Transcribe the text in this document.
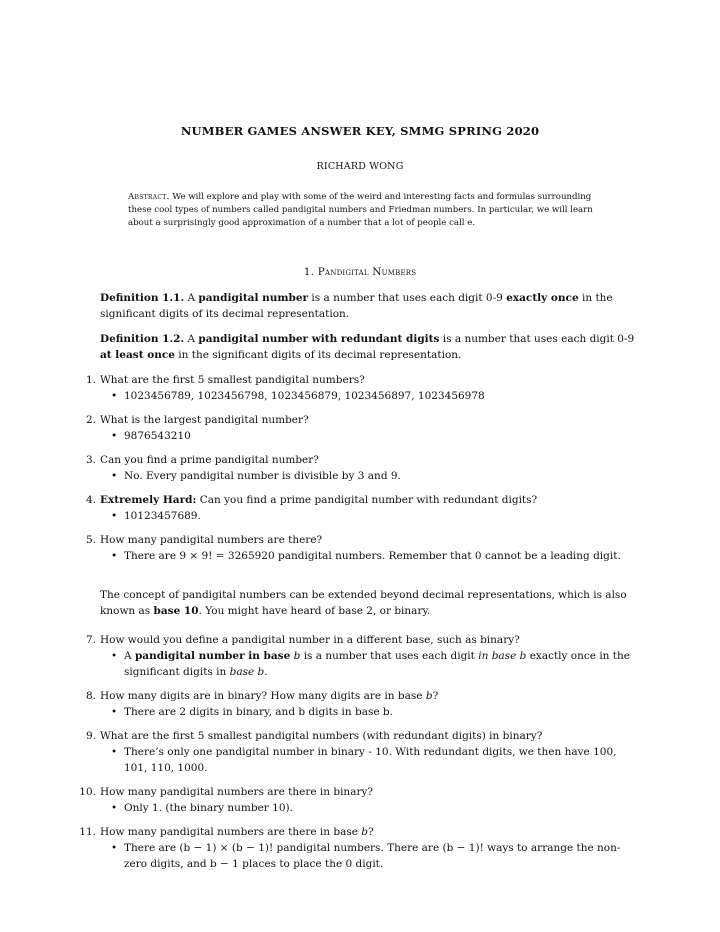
NUMBER GAMES ANSWER KEY, SMMG SPRING 2020
RICHARD WONG
Abstract. We will explore and play with some of the weird and interesting facts and formulas surrounding these cool types of numbers called pandigital numbers and Friedman numbers. In particular, we will learn about a surprisingly good approximation of a number that a lot of people call e.
1. Pandigital Numbers
Definition 1.1. A pandigital number is a number that uses each digit 0-9 exactly once in the significant digits of its decimal representation.
Definition 1.2. A pandigital number with redundant digits is a number that uses each digit 0-9 at least once in the significant digits of its decimal representation.
1. What are the first 5 smallest pandigital numbers?
• 1023456789, 1023456798, 1023456879, 1023456897, 1023456978
2. What is the largest pandigital number?
• 9876543210
3. Can you find a prime pandigital number?
• No. Every pandigital number is divisible by 3 and 9.
4. Extremely Hard: Can you find a prime pandigital number with redundant digits?
• 10123457689.
5. How many pandigital numbers are there?
• There are 9 × 9! = 3265920 pandigital numbers. Remember that 0 cannot be a leading digit.
The concept of pandigital numbers can be extended beyond decimal representations, which is also known as base 10. You might have heard of base 2, or binary.
7. How would you define a pandigital number in a different base, such as binary?
• A pandigital number in base b is a number that uses each digit in base b exactly once in the significant digits in base b.
8. How many digits are in binary? How many digits are in base b?
• There are 2 digits in binary, and b digits in base b.
9. What are the first 5 smallest pandigital numbers (with redundant digits) in binary?
• There’s only one pandigital number in binary - 10. With redundant digits, we then have 100, 101, 110, 1000.
10. How many pandigital numbers are there in binary?
• Only 1. (the binary number 10).
11. How many pandigital numbers are there in base b?
• There are (b − 1) × (b − 1)! pandigital numbers. There are (b − 1)! ways to arrange the non-zero digits, and b − 1 places to place the 0 digit.
